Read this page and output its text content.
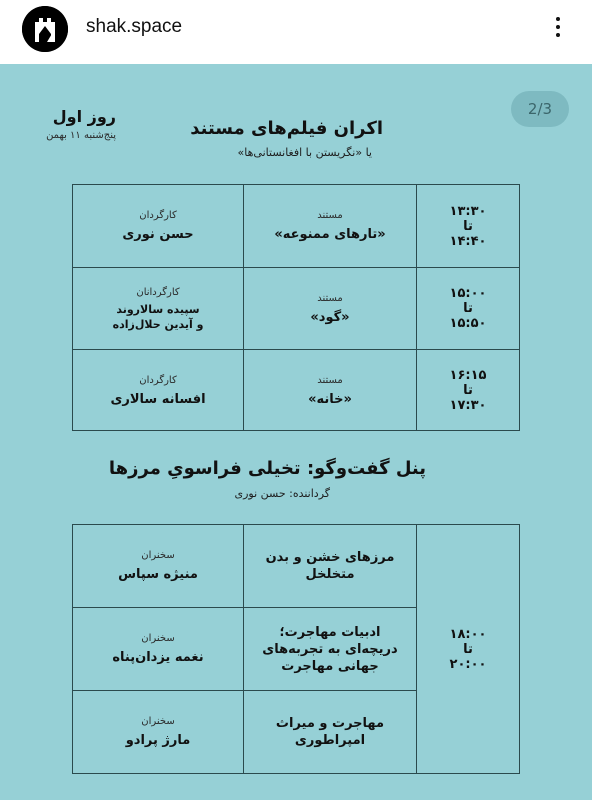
shak.space
2/3
روز اول
پنج‌شنبه ۱۱ بهمن	اکران فیلم‌های مستند
یا «نگریستن با افغانستانی‌ها»
۱۳:۳۰
تا
۱۴:۴۰
مستند
«تارهای ممنوعه»
کارگردان
حسن نوری
۱۵:۰۰
تا
۱۵:۵۰
مستند
«گود»
کارگردانان
سپیده سالاروند
و آیدین حلال‌زاده
۱۶:۱۵
تا
۱۷:۳۰
مستند
«خانه»
کارگردان
افسانه سالاری
پنل گفت‌وگو: تخیلی فراسویِ مرزها
گرداننده: حسن نوری
۱۸:۰۰
تا
۲۰:۰۰
مرزهای خشن و بدن متخلخل
سخنران
منیژه سپاس
ادبیات مهاجرت؛ دریچه‌ای به تجربه‌های جهانی مهاجرت
سخنران
نغمه یزدان‌پناه
مهاجرت و میراث امپراطوری
سخنران
مارژ پرادو
